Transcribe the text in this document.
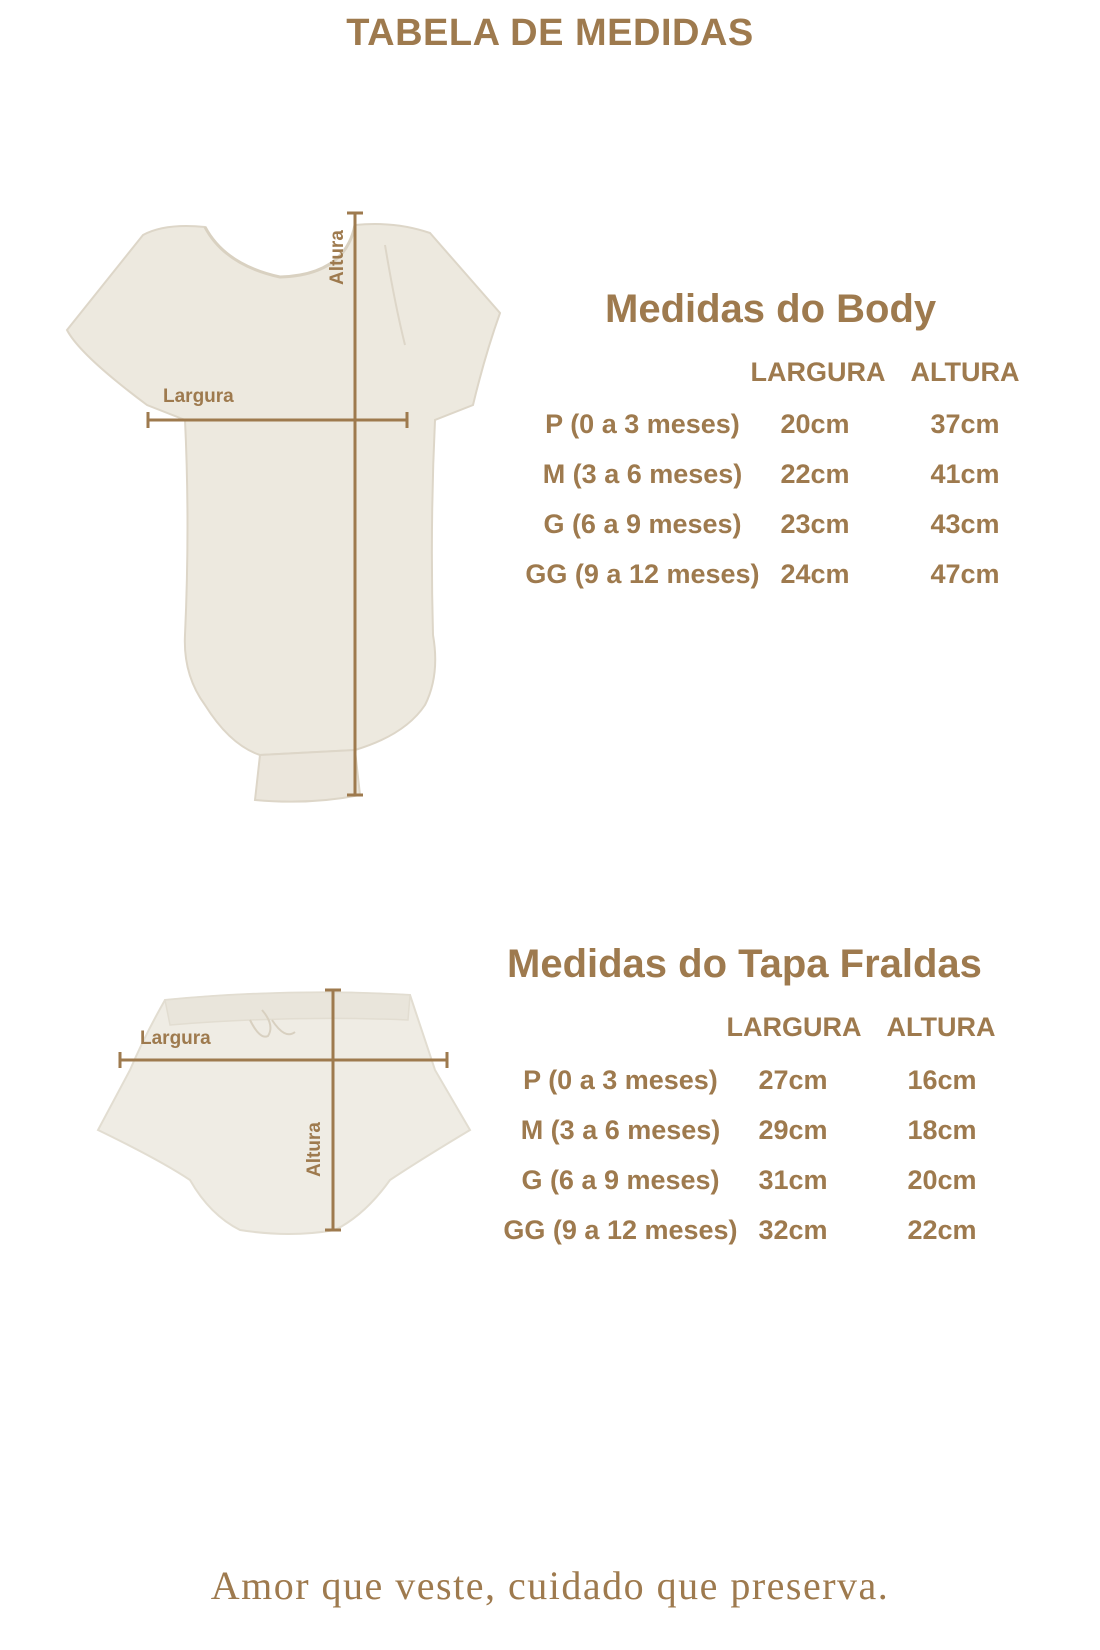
TABELA DE MEDIDAS
Altura
Largura
Medidas do Body
LARGURA ALTURA
P (0 a 3 meses)	20cm	37cm
M (3 a 6 meses)	22cm	41cm
G (6 a 9 meses)	23cm	43cm
GG (9 a 12 meses) 24cm	47cm
Largura
Altura
Medidas do Tapa Fraldas
LARGURA ALTURA
P (0 a 3 meses)	27cm	16cm
M (3 a 6 meses)	29cm	18cm
G (6 a 9 meses)	31cm	20cm
GG (9 a 12 meses) 32cm	22cm
Amor que veste, cuidado que preserva.
